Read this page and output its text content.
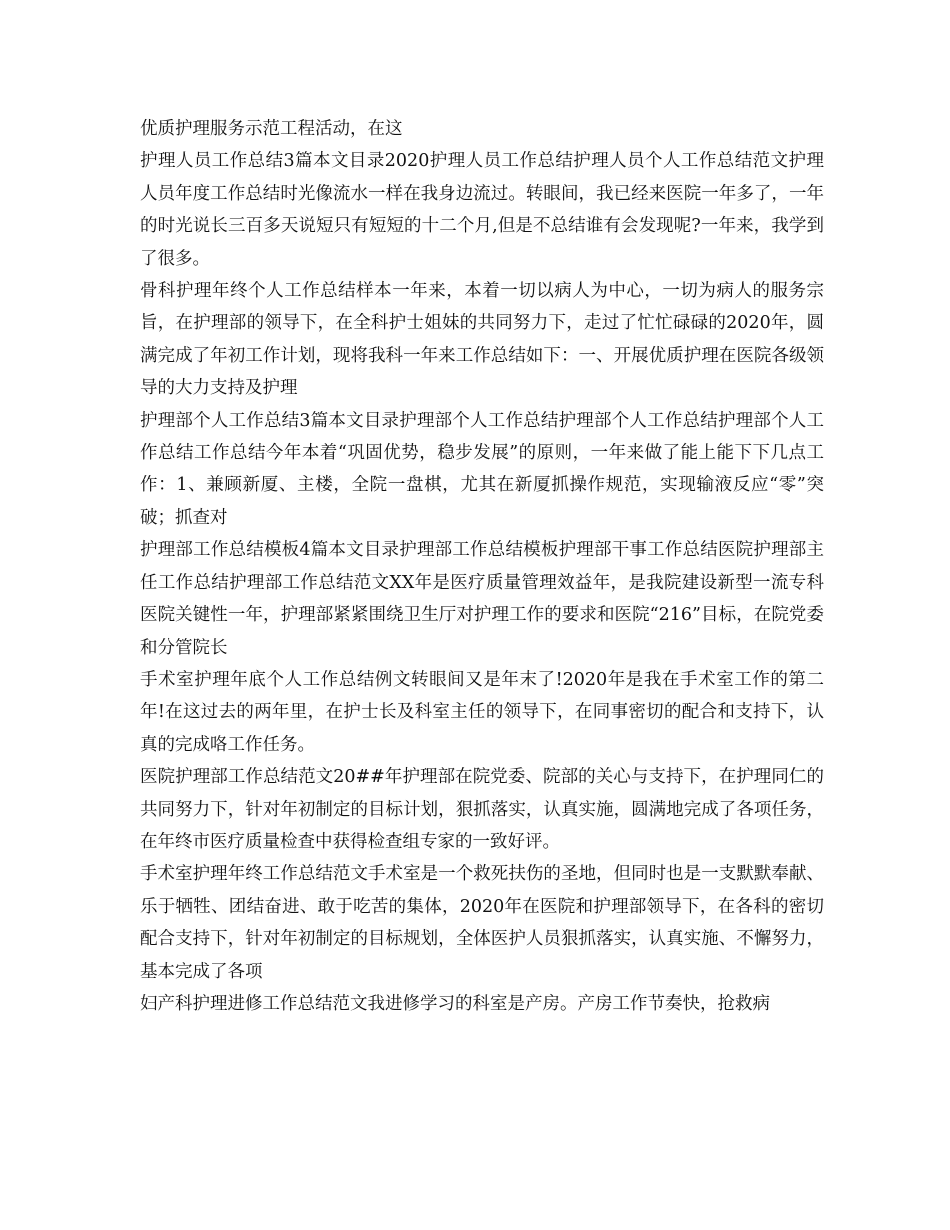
优质护理服务示范工程活动，在这

护理人员工作总结3篇本文目录2020护理人员工作总结护理人员个人工作总结范文护理人员年度工作总结时光像流水一样在我身边流过。转眼间，我已经来医院一年多了，一年的时光说长三百多天说短只有短短的十二个月,但是不总结谁有会发现呢?一年来，我学到了很多。

骨科护理年终个人工作总结样本一年来，本着一切以病人为中心，一切为病人的服务宗旨，在护理部的领导下，在全科护士姐妹的共同努力下，走过了忙忙碌碌的2020年，圆满完成了年初工作计划，现将我科一年来工作总结如下：一、开展优质护理在医院各级领导的大力支持及护理

护理部个人工作总结3篇本文目录护理部个人工作总结护理部个人工作总结护理部个人工作总结工作总结今年本着“巩固优势，稳步发展”的原则，一年来做了能上能下下几点工作：1、兼顾新厦、主楼，全院一盘棋，尤其在新厦抓操作规范，实现输液反应“零”突破；抓查对

护理部工作总结模板4篇本文目录护理部工作总结模板护理部干事工作总结医院护理部主任工作总结护理部工作总结范文XX年是医疗质量管理效益年，是我院建设新型一流专科医院关键性一年，护理部紧紧围绕卫生厅对护理工作的要求和医院“216”目标，在院党委和分管院长

手术室护理年底个人工作总结例文转眼间又是年末了!2020年是我在手术室工作的第二年!在这过去的两年里，在护士长及科室主任的领导下，在同事密切的配合和支持下，认真的完成咯工作任务。

医院护理部工作总结范文20##年护理部在院党委、院部的关心与支持下，在护理同仁的共同努力下，针对年初制定的目标计划，狠抓落实，认真实施，圆满地完成了各项任务，在年终市医疗质量检查中获得检查组专家的一致好评。

手术室护理年终工作总结范文手术室是一个救死扶伤的圣地，但同时也是一支默默奉献、乐于牺牲、团结奋进、敢于吃苦的集体，2020年在医院和护理部领导下，在各科的密切配合支持下，针对年初制定的目标规划，全体医护人员狠抓落实，认真实施、不懈努力，基本完成了各项

妇产科护理进修工作总结范文我进修学习的科室是产房。产房工作节奏快，抢救病
